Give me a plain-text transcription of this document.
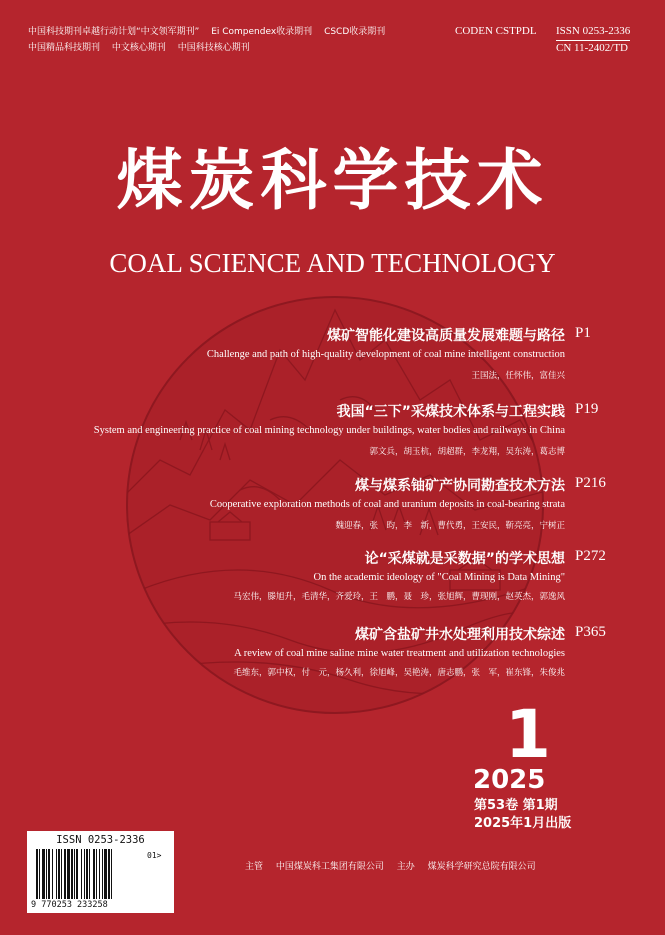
中国科技期刊卓越行动计划“中文领军期刊” Ei Compendex收录期刊 CSCD收录期刊
中国精品科技期刊 中文核心期刊 中国科技核心期刊
CODEN CSTPDL ISSN 0253-2336
CN 11-2402/TD
煤炭科学技术
COAL SCIENCE AND TECHNOLOGY
煤矿智能化建设高质量发展难题与路径 P1
Challenge and path of high-quality development of coal mine intelligent construction
王国法，任怀伟，富佳兴
我国“三下”采煤技术体系与工程实践 P19
System and engineering practice of coal mining technology under buildings, water bodies and railways in China
郭文兵，胡玉杭，胡超群，李龙翔，吴东涛，葛志博
煤与煤系铀矿产协同勘查技术方法 P216
Cooperative exploration methods of coal and uranium deposits in coal-bearing strata
魏迎春，张　昀，李　新，曹代勇，王安民，靳亮亮，宁树正
论“采煤就是采数据”的学术思想 P272
On the academic ideology of "Coal Mining is Data Mining"
马宏伟，滕旭升，毛清华，齐爱玲，王　鹏，聂　珍，张旭辉，曹现刚，赵英杰，郭逸风
煤矿含盐矿井水处理利用技术综述 P365
A review of coal mine saline mine water treatment and utilization technologies
毛维东，郭中权，付　元，杨久利，徐旭峰，吴艳涛，唐志鹏，张　军，崔东锋，朱俊兆
1
2025
第53卷 第1期
2025年1月出版
ISSN 0253-2336
9 770253 233258
01>
主管 中国煤炭科工集团有限公司 主办 煤炭科学研究总院有限公司
